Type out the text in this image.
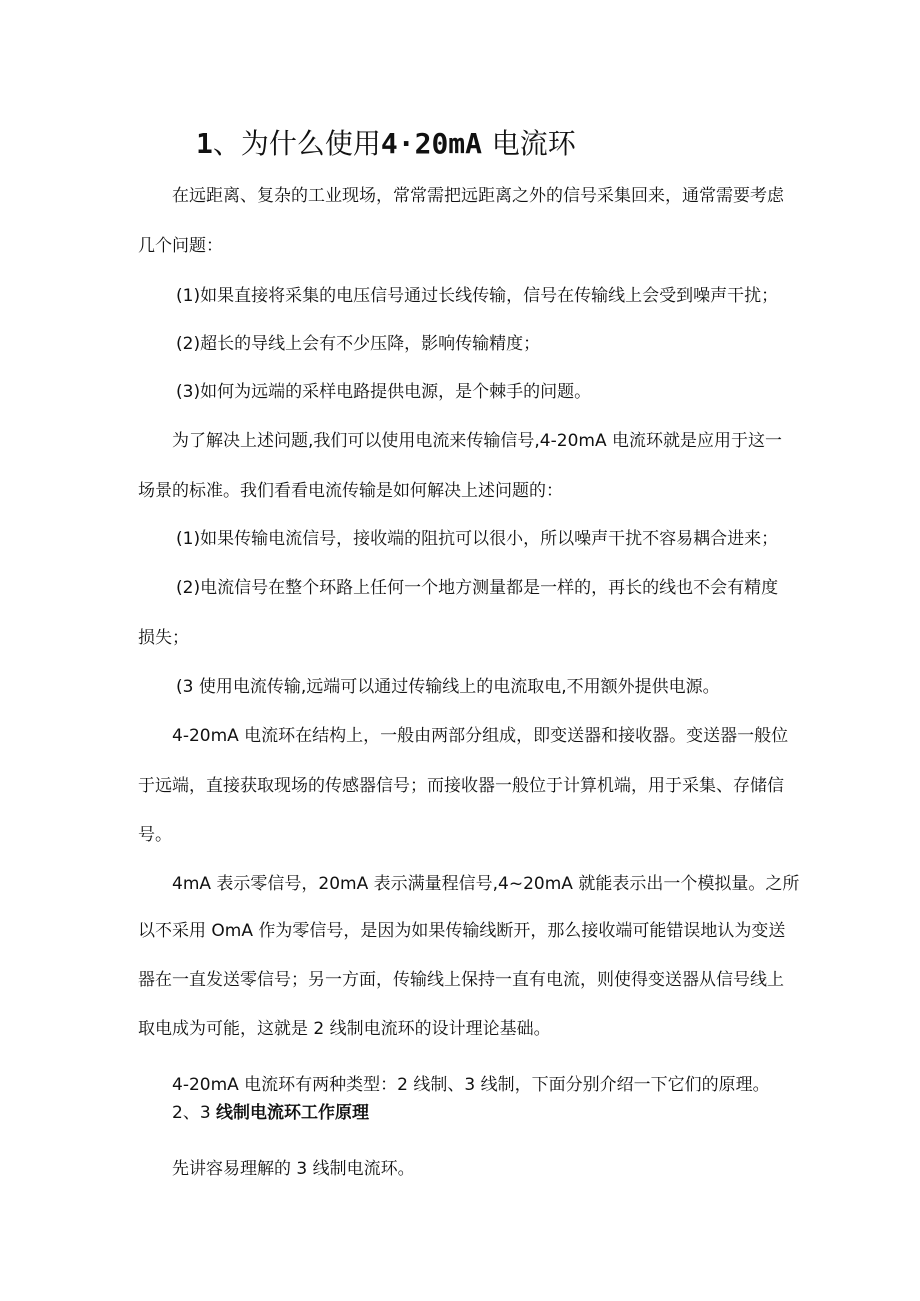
1、为什么使用4·20mA 电流环
在远距离、复杂的工业现场，常常需把远距离之外的信号采集回来，通常需要考虑
几个问题：
(1)如果直接将采集的电压信号通过长线传输，信号在传输线上会受到噪声干扰；
(2)超长的导线上会有不少压降，影响传输精度；
(3)如何为远端的采样电路提供电源，是个棘手的问题。
为了解决上述问题,我们可以使用电流来传输信号,4-20mA 电流环就是应用于这一
场景的标准。我们看看电流传输是如何解决上述问题的：
(1)如果传输电流信号，接收端的阻抗可以很小，所以噪声干扰不容易耦合进来；
(2)电流信号在整个环路上任何一个地方测量都是一样的，再长的线也不会有精度
损失；
(3 使用电流传输,远端可以通过传输线上的电流取电,不用额外提供电源。
4-20mA 电流环在结构上，一般由两部分组成，即变送器和接收器。变送器一般位
于远端，直接获取现场的传感器信号；而接收器一般位于计算机端，用于采集、存储信
号。
4mA 表示零信号，20mA 表示满量程信号,4~20mA 就能表示出一个模拟量。之所
以不采用 OmA 作为零信号，是因为如果传输线断开，那么接收端可能错误地认为变送
器在一直发送零信号；另一方面，传输线上保持一直有电流，则使得变送器从信号线上
取电成为可能，这就是 2 线制电流环的设计理论基础。
4-20mA 电流环有两种类型：2 线制、3 线制，下面分别介绍一下它们的原理。
2、3 线制电流环工作原理
先讲容易理解的 3 线制电流环。
